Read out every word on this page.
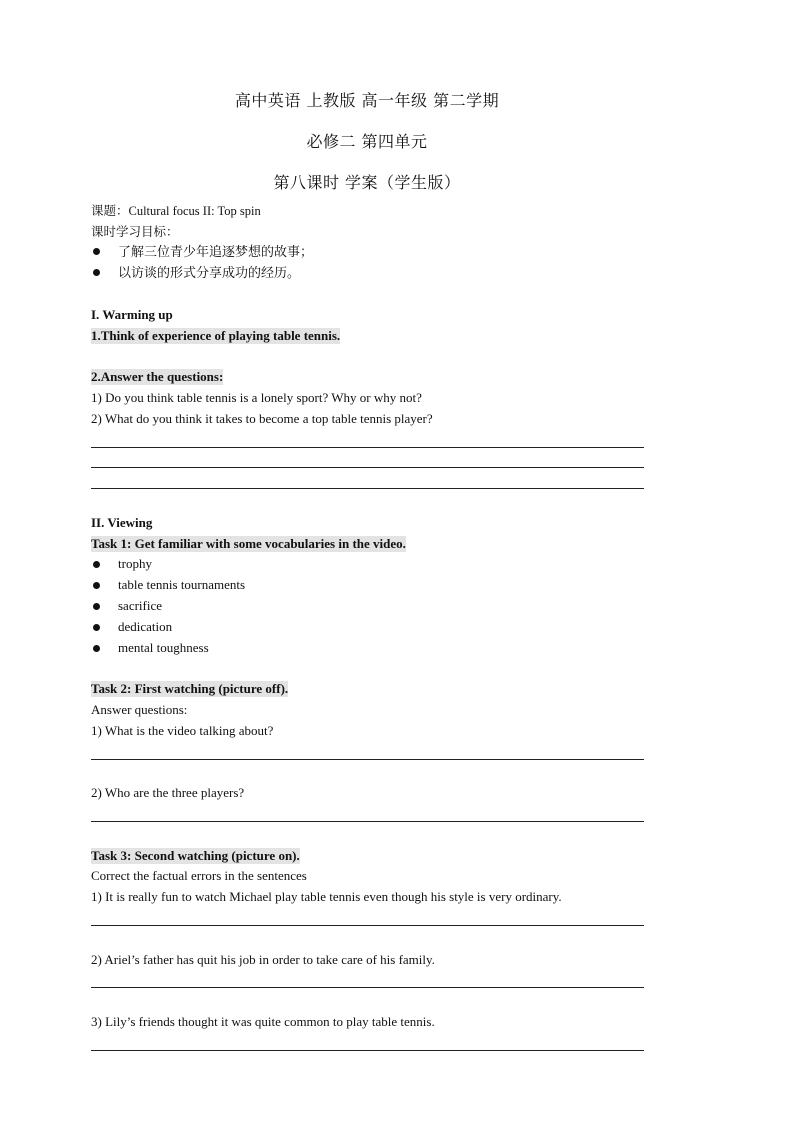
高中英语 上教版 高一年级 第二学期
必修二 第四单元
第八课时 学案（学生版）
课题：Cultural focus II: Top spin
课时学习目标：
了解三位青少年追逐梦想的故事；
以访谈的形式分享成功的经历。
I. Warming up
1.Think of experience of playing table tennis.
2.Answer the questions:
1) Do you think table tennis is a lonely sport? Why or why not?
2) What do you think it takes to become a top table tennis player?
II. Viewing
Task 1: Get familiar with some vocabularies in the video.
trophy
table tennis tournaments
sacrifice
dedication
mental toughness
Task 2: First watching (picture off).
Answer questions:
1) What is the video talking about?
2) Who are the three players?
Task 3: Second watching (picture on).
Correct the factual errors in the sentences
1) It is really fun to watch Michael play table tennis even though his style is very ordinary.
2) Ariel’s father has quit his job in order to take care of his family.
3) Lily’s friends thought it was quite common to play table tennis.
